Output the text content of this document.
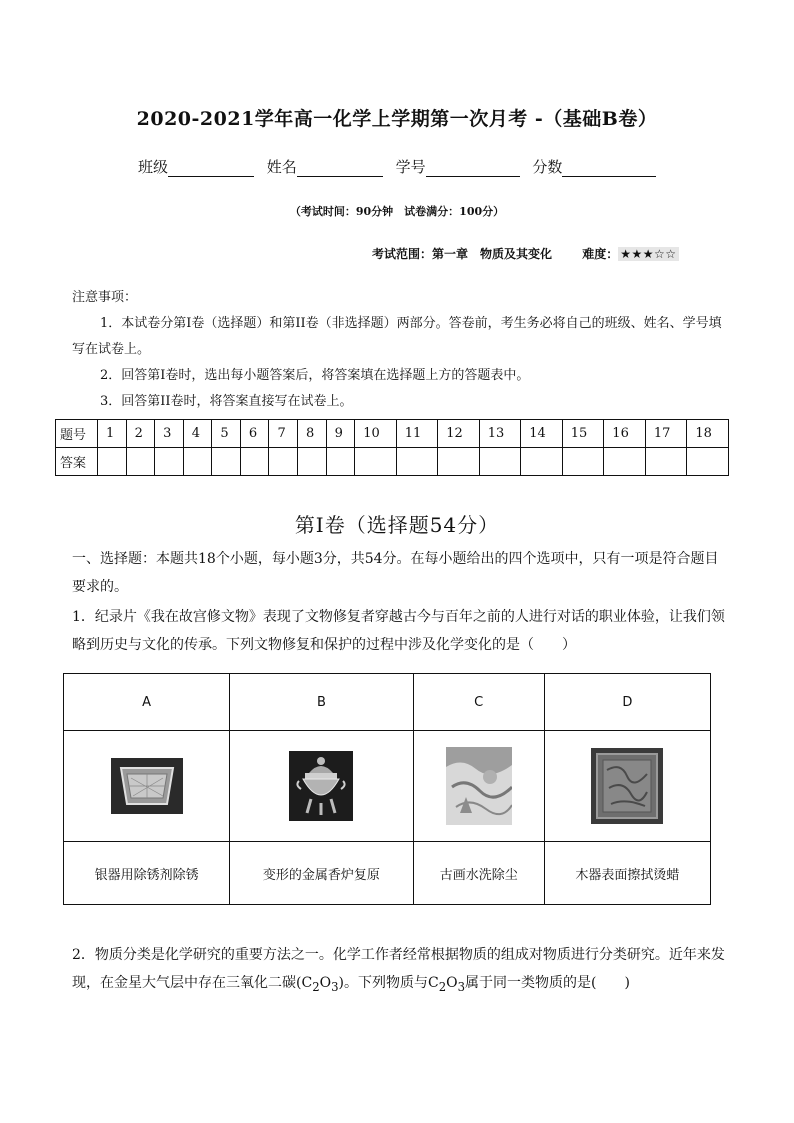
2020-2021学年高一化学上学期第一次月考 -（基础B卷）
班级	姓名	学号	分数
（考试时间：90分钟　试卷满分：100分）
考试范围：第一章　物质及其变化	难度： ★★★☆☆

注意事项：

1．本试卷分第I卷（选择题）和第II卷（非选择题）两部分。答卷前，考生务必将自己的班级、姓名、学号填写在试卷上。

2．回答第I卷时，选出每小题答案后，将答案填在选择题上方的答题表中。

3．回答第II卷时，将答案直接写在试卷上。

题号	1	2	3	4	5	6	7	8	9	10	11	12	13	14	15	16	17	18
答案																		
第I卷（选择题54分）
一、选择题：本题共18个小题，每小题3分，共54分。在每小题给出的四个选项中，只有一项是符合题目要求的。
1．纪录片《我在故宫修文物》表现了文物修复者穿越古今与百年之前的人进行对话的职业体验，让我们领略到历史与文化的传承。下列文物修复和保护的过程中涉及化学变化的是（　　）
A	B	C	D

银器用除锈剂除锈	变形的金属香炉复原	古画水洗除尘	木器表面擦拭烫蜡
2．物质分类是化学研究的重要方法之一。化学工作者经常根据物质的组成对物质进行分类研究。近年来发现，在金星大气层中存在三氧化二碳$(C_2O_3)$。下列物质与$C_2O_3$属于同一类物质的是(　　)
